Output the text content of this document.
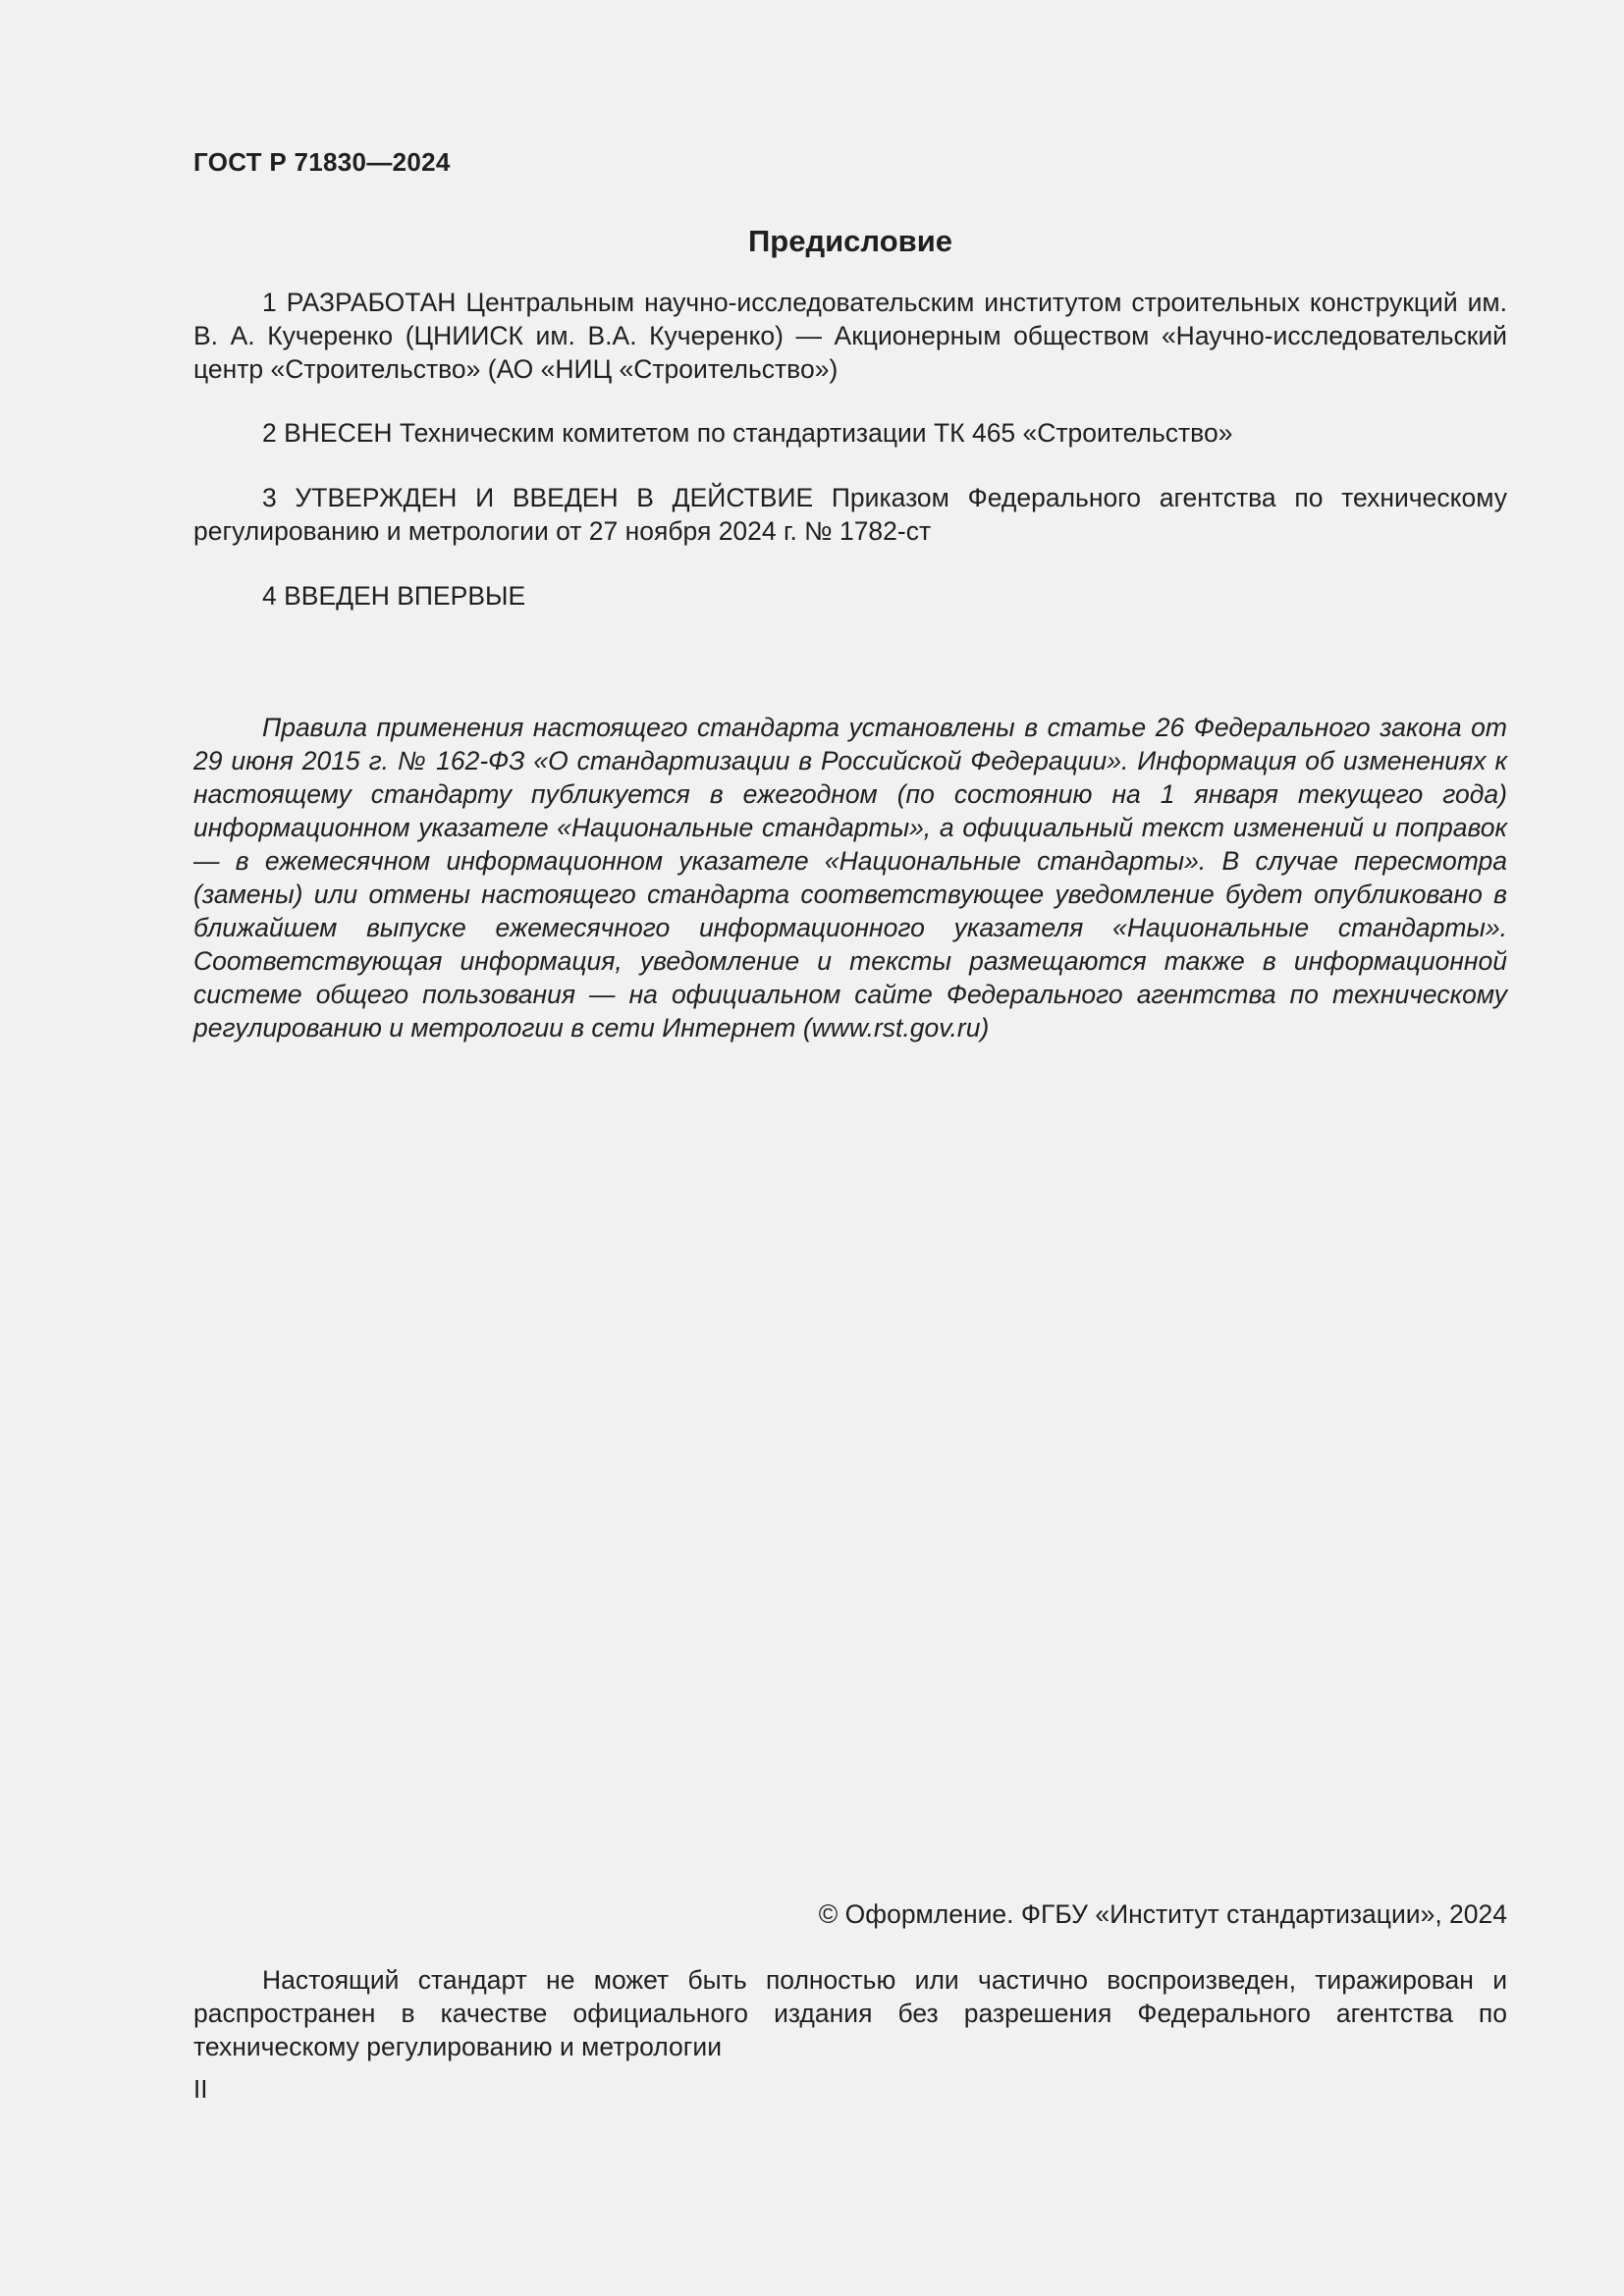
ГОСТ Р 71830—2024
Предисловие

1 РАЗРАБОТАН Центральным научно-исследовательским институтом строительных конструкций им. В. А. Кучеренко (ЦНИИСК им. В.А. Кучеренко) — Акционерным обществом «Научно-исследовательский центр «Строительство» (АО «НИЦ «Строительство»)

2 ВНЕСЕН Техническим комитетом по стандартизации ТК 465 «Строительство»

3 УТВЕРЖДЕН И ВВЕДЕН В ДЕЙСТВИЕ Приказом Федерального агентства по техническому регулированию и метрологии от 27 ноября 2024 г. № 1782-ст

4 ВВЕДЕН ВПЕРВЫЕ

Правила применения настоящего стандарта установлены в статье 26 Федерального закона от 29 июня 2015 г. № 162-ФЗ «О стандартизации в Российской Федерации». Информация об изменениях к настоящему стандарту публикуется в ежегодном (по состоянию на 1 января текущего года) информационном указателе «Национальные стандарты», а официальный текст изменений и поправок — в ежемесячном информационном указателе «Национальные стандарты». В случае пересмотра (замены) или отмены настоящего стандарта соответствующее уведомление будет опубликовано в ближайшем выпуске ежемесячного информационного указателя «Национальные стандарты». Соответствующая информация, уведомление и тексты размещаются также в информационной системе общего пользования — на официальном сайте Федерального агентства по техническому регулированию и метрологии в сети Интернет (www.rst.gov.ru)

© Оформление. ФГБУ «Институт стандартизации», 2024

Настоящий стандарт не может быть полностью или частично воспроизведен, тиражирован и распространен в качестве официального издания без разрешения Федерального агентства по техническому регулированию и метрологии

II
